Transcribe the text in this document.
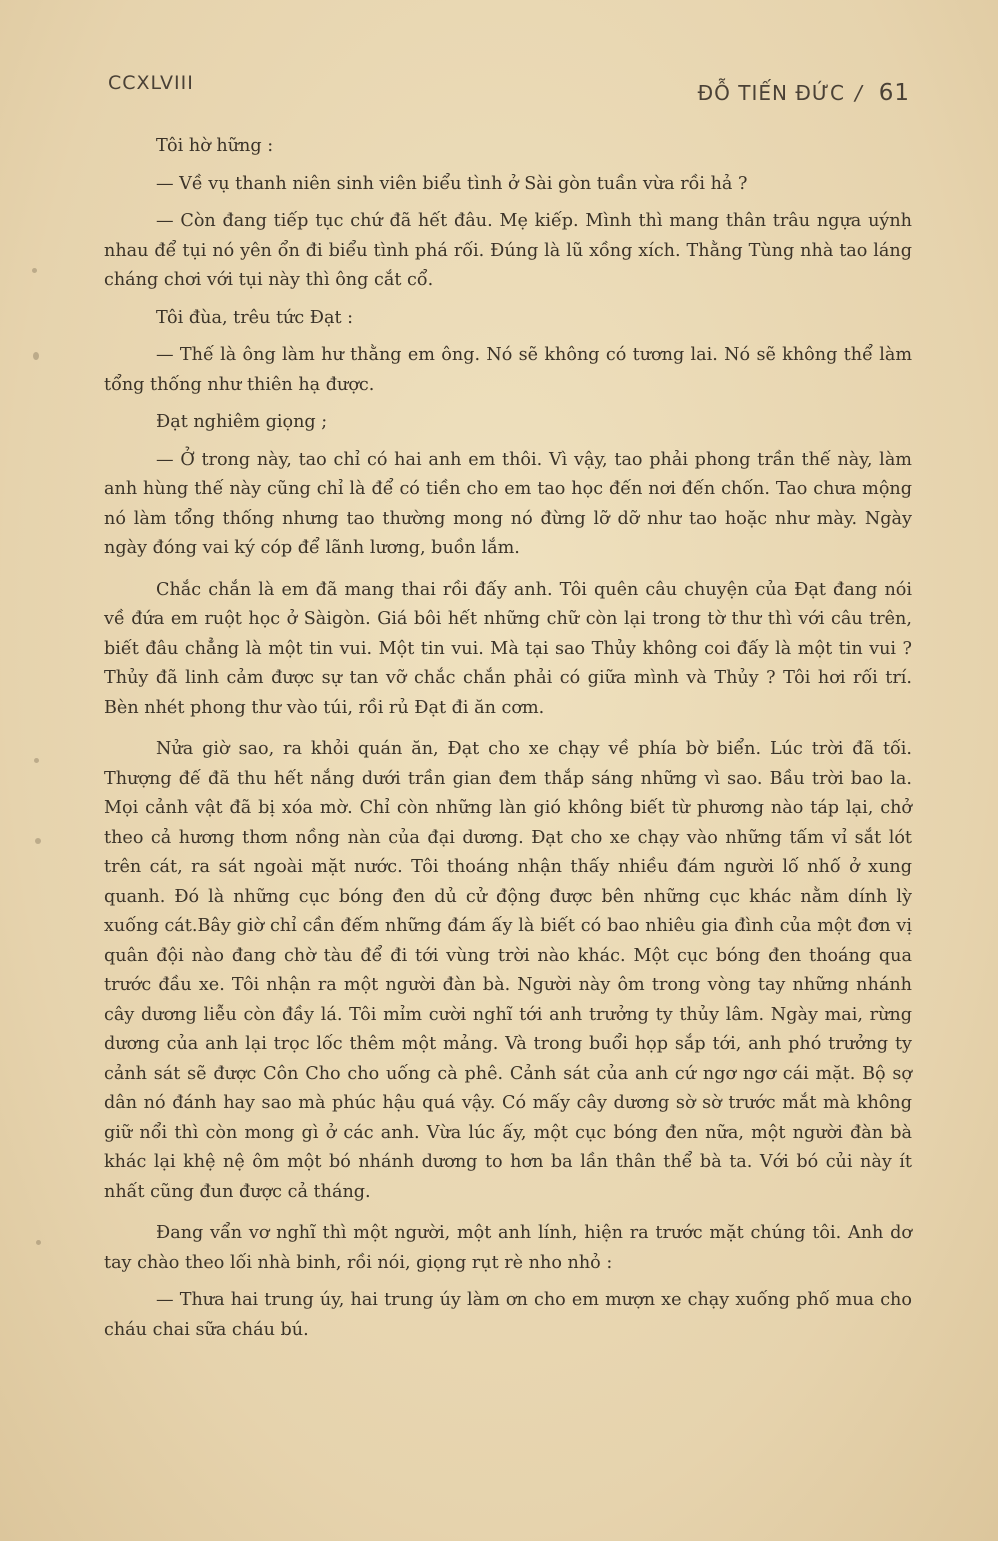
CCXLVIII	ĐỖ TIẾN ĐỨC / 61

Tôi hờ hững :

— Về vụ thanh niên sinh viên biểu tình ở Sài gòn tuần vừa rồi hả ?

— Còn đang tiếp tục chứ đã hết đâu. Mẹ kiếp. Mình thì mang thân trâu ngựa uýnh nhau để tụi nó yên ổn đi biểu tình phá rối. Đúng là lũ xồng xích. Thằng Tùng nhà tao láng cháng chơi với tụi này thì ông cắt cổ.

Tôi đùa, trêu tức Đạt :

— Thế là ông làm hư thằng em ông. Nó sẽ không có tương lai. Nó sẽ không thể làm tổng thống như thiên hạ được.

Đạt nghiêm giọng ;

— Ở trong này, tao chỉ có hai anh em thôi. Vì vậy, tao phải phong trần thế này, làm anh hùng thế này cũng chỉ là để có tiền cho em tao học đến nơi đến chốn. Tao chưa mộng nó làm tổng thống nhưng tao thường mong nó đừng lỡ dỡ như tao hoặc như mày. Ngày ngày đóng vai ký cóp để lãnh lương, buồn lắm.

Chắc chắn là em đã mang thai rồi đấy anh. Tôi quên câu chuyện của Đạt đang nói về đứa em ruột học ở Sàigòn. Giá bôi hết những chữ còn lại trong tờ thư thì với câu trên, biết đâu chẳng là một tin vui. Một tin vui. Mà tại sao Thủy không coi đấy là một tin vui ? Thủy đã linh cảm được sự tan vỡ chắc chắn phải có giữa mình và Thủy ? Tôi hơi rối trí. Bèn nhét phong thư vào túi, rồi rủ Đạt đi ăn cơm.

Nửa giờ sao, ra khỏi quán ăn, Đạt cho xe chạy về phía bờ biển. Lúc trời đã tối. Thượng đế đã thu hết nắng dưới trần gian đem thắp sáng những vì sao. Bầu trời bao la. Mọi cảnh vật đã bị xóa mờ. Chỉ còn những làn gió không biết từ phương nào táp lại, chở theo cả hương thơm nồng nàn của đại dương. Đạt cho xe chạy vào những tấm vỉ sắt lót trên cát, ra sát ngoài mặt nước. Tôi thoáng nhận thấy nhiều đám người lố nhố ở xung quanh. Đó là những cục bóng đen dủ cử động được bên những cục khác nằm dính lỳ xuống cát.Bây giờ chỉ cần đếm những đám ấy là biết có bao nhiêu gia đình của một đơn vị quân đội nào đang chờ tàu để đi tới vùng trời nào khác. Một cục bóng đen thoáng qua trước đầu xe. Tôi nhận ra một người đàn bà. Người này ôm trong vòng tay những nhánh cây dương liễu còn đầy lá. Tôi mỉm cười nghĩ tới anh trưởng ty thủy lâm. Ngày mai, rừng dương của anh lại trọc lốc thêm một mảng. Và trong buổi họp sắp tới, anh phó trưởng ty cảnh sát sẽ được Côn Cho cho uống cà phê. Cảnh sát của anh cứ ngơ ngơ cái mặt. Bộ sợ dân nó đánh hay sao mà phúc hậu quá vậy. Có mấy cây dương sờ sờ trước mắt mà không giữ nổi thì còn mong gì ở các anh. Vừa lúc ấy, một cục bóng đen nữa, một người đàn bà khác lại khệ nệ ôm một bó nhánh dương to hơn ba lần thân thể bà ta. Với bó củi này ít nhất cũng đun được cả tháng.

Đang vẩn vơ nghĩ thì một người, một anh lính, hiện ra trước mặt chúng tôi. Anh dơ tay chào theo lối nhà binh, rồi nói, giọng rụt rè nho nhỏ :

— Thưa hai trung úy, hai trung úy làm ơn cho em mượn xe chạy xuống phố mua cho cháu chai sữa cháu bú.
